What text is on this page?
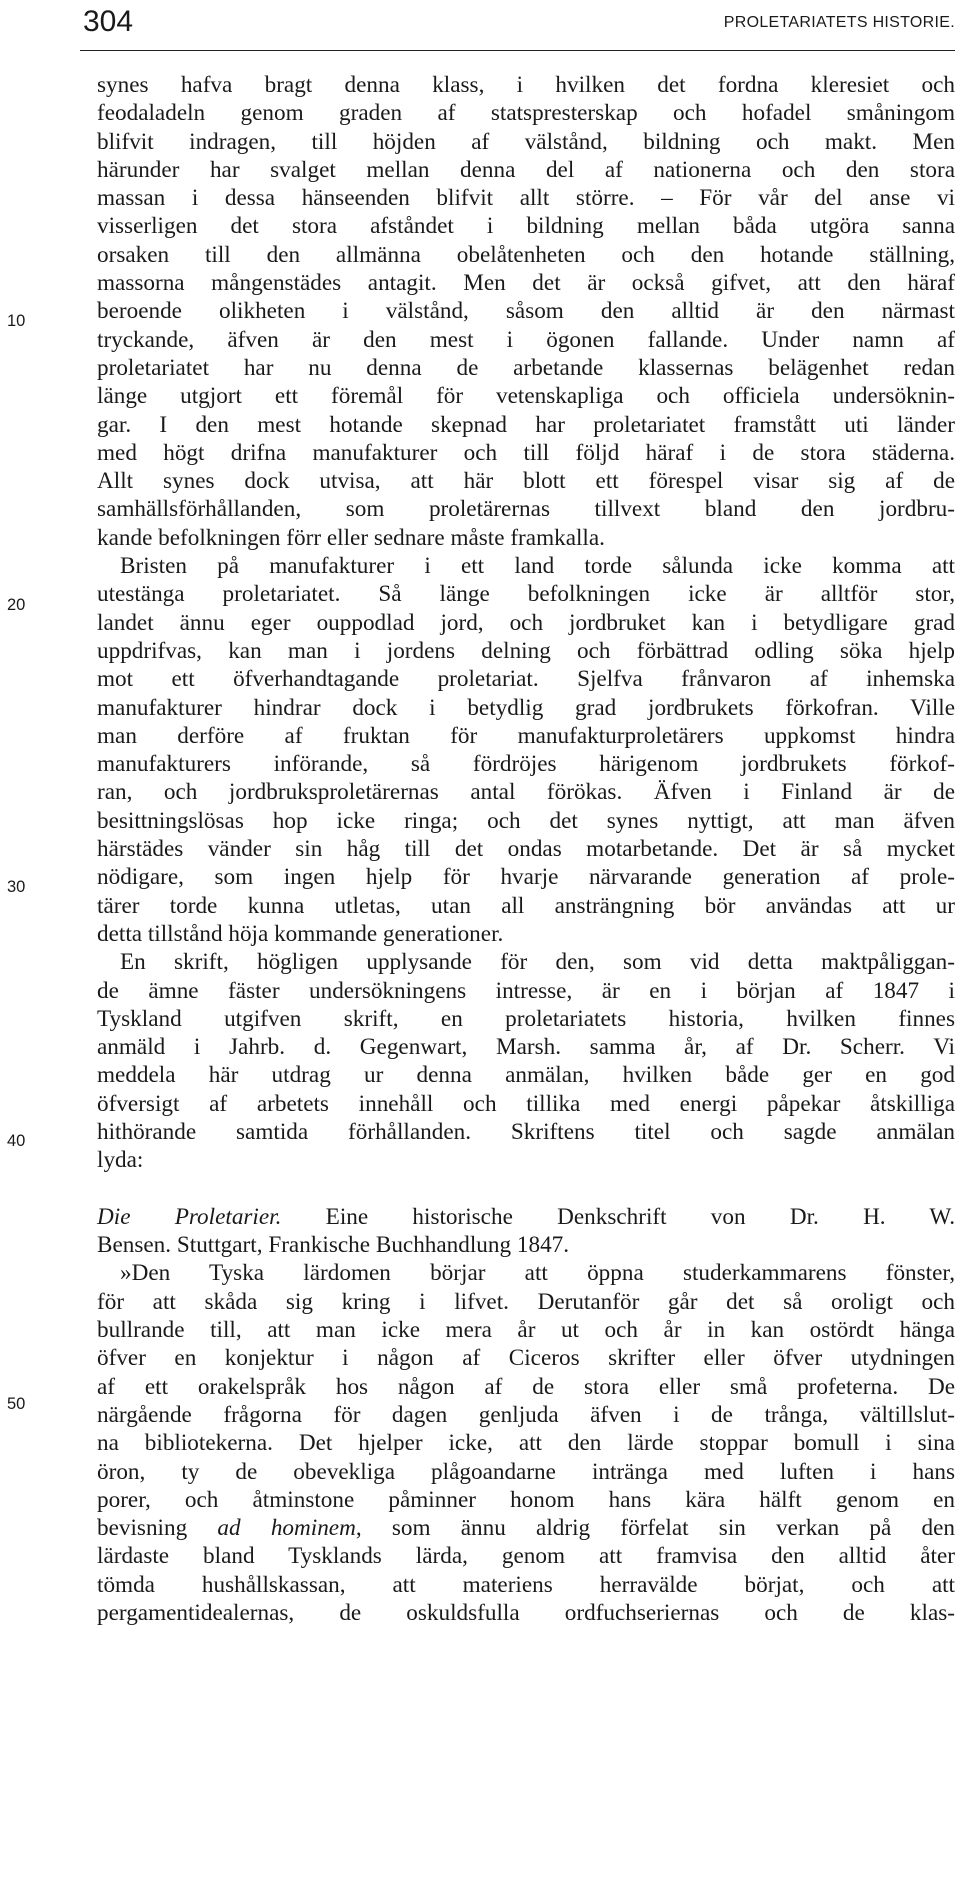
304	PROLETARIATETS HISTORIE.
10
20
30
40
50
synes hafva bragt denna klass, i hvilken det fordna kleresiet och
feodaladeln genom graden af statspresterskap och hofadel småningom
blifvit indragen, till höjden af välstånd, bildning och makt. Men
härunder har svalget mellan denna del af nationerna och den stora
massan i dessa hänseenden blifvit allt större. – För vår del anse vi
visserligen det stora afståndet i bildning mellan båda utgöra sanna
orsaken till den allmänna obelåtenheten och den hotande ställning,
massorna mångenstädes antagit. Men det är också gifvet, att den häraf
beroende olikheten i välstånd, såsom den alltid är den närmast
tryckande, äfven är den mest i ögonen fallande. Under namn af
proletariatet har nu denna de arbetande klassernas belägenhet redan
länge utgjort ett föremål för vetenskapliga och officiela undersöknin-
gar. I den mest hotande skepnad har proletariatet framstått uti länder
med högt drifna manufakturer och till följd häraf i de stora städerna.
Allt synes dock utvisa, att här blott ett förespel visar sig af de
samhällsförhållanden, som proletärernas tillvext bland den jordbru-
kande befolkningen förr eller sednare måste framkalla.
Bristen på manufakturer i ett land torde sålunda icke komma att
utestänga proletariatet. Så länge befolkningen icke är alltför stor,
landet ännu eger ouppodlad jord, och jordbruket kan i betydligare grad
uppdrifvas, kan man i jordens delning och förbättrad odling söka hjelp
mot ett öfverhandtagande proletariat. Sjelfva frånvaron af inhemska
manufakturer hindrar dock i betydlig grad jordbrukets förkofran. Ville
man derföre af fruktan för manufakturproletärers uppkomst hindra
manufakturers införande, så fördröjes härigenom jordbrukets förkof-
ran, och jordbruksproletärernas antal förökas. Äfven i Finland är de
besittningslösas hop icke ringa; och det synes nyttigt, att man äfven
härstädes vänder sin håg till det ondas motarbetande. Det är så mycket
nödigare, som ingen hjelp för hvarje närvarande generation af prole-
tärer torde kunna utletas, utan all ansträngning bör användas att ur
detta tillstånd höja kommande generationer.
En skrift, högligen upplysande för den, som vid detta maktpåliggan-
de ämne fäster undersökningens intresse, är en i början af 1847 i
Tyskland utgifven skrift, en proletariatets historia, hvilken finnes
anmäld i Jahrb. d. Gegenwart, Marsh. samma år, af Dr. Scherr. Vi
meddela här utdrag ur denna anmälan, hvilken både ger en god
öfversigt af arbetets innehåll och tillika med energi påpekar åtskilliga
hithörande samtida förhållanden. Skriftens titel och sagde anmälan
lyda:
Die Proletarier. Eine historische Denkschrift von Dr. H. W.
Bensen. Stuttgart, Frankische Buchhandlung 1847.
»Den Tyska lärdomen börjar att öppna studerkammarens fönster,
för att skåda sig kring i lifvet. Derutanför går det så oroligt och
bullrande till, att man icke mera år ut och år in kan ostördt hänga
öfver en konjektur i någon af Ciceros skrifter eller öfver utydningen
af ett orakelspråk hos någon af de stora eller små profeterna. De
närgående frågorna för dagen genljuda äfven i de trånga, vältillslut-
na bibliotekerna. Det hjelper icke, att den lärde stoppar bomull i sina
öron, ty de obevekliga plågoandarne inträngа med luften i hans
porer, och åtminstone påminner honom hans kära hälft genom en
bevisning ad hominem, som ännu aldrig förfelat sin verkan på den
lärdaste bland Tysklands lärda, genom att framvisa den alltid åter
tömda hushållskassan, att materiens herravälde börjat, och att
pergamentidealernas, de oskuldsfulla ordfuchseriernas och de klas-
